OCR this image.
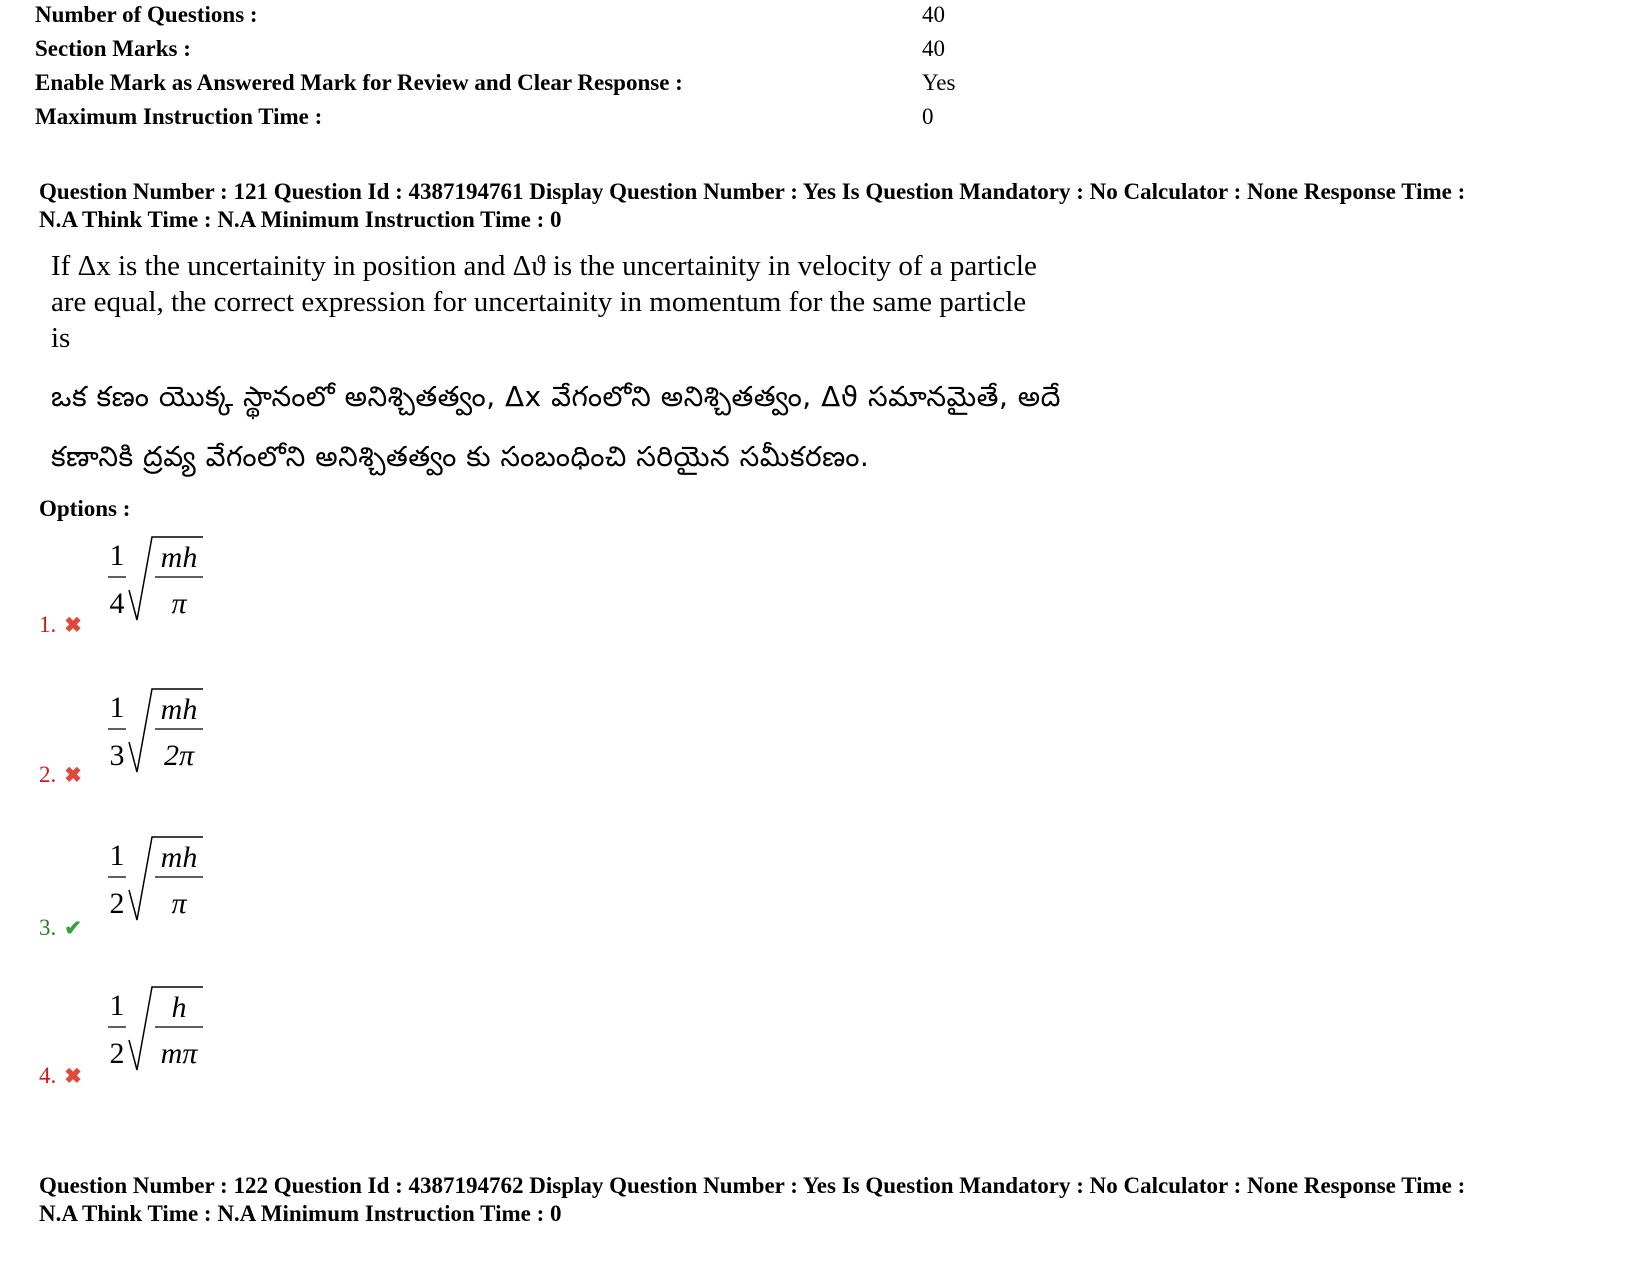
Number of Questions :	40
Section Marks :	40
Enable Mark as Answered Mark for Review and Clear Response :	Yes
Maximum Instruction Time :	0
Question Number : 121 Question Id : 4387194761 Display Question Number : Yes Is Question Mandatory : No Calculator : None Response Time :
N.A Think Time : N.A Minimum Instruction Time : 0
If Δx is the uncertainity in position and Δϑ is the uncertainity in velocity of a particle
are equal, the correct expression for uncertainity in momentum for the same particle
is
ఒక కణం యొక్క స్థానంలో అనిశ్చితత్వం, Δx వేగంలోని అనిశ్చితత్వం, Δϑ సమానమైతే, అదే
కణానికి ద్రవ్య వేగంలోని అనిశ్చితత్వం కు సంబంధించి సరియైన సమీకరణం.
Options :
1. ✖
1
4
mh
π
2. ✖
1
3
mh
2π
3. ✔
1
2
mh
π
4. ✖
1
2
h
mπ
Question Number : 122 Question Id : 4387194762 Display Question Number : Yes Is Question Mandatory : No Calculator : None Response Time :
N.A Think Time : N.A Minimum Instruction Time : 0
